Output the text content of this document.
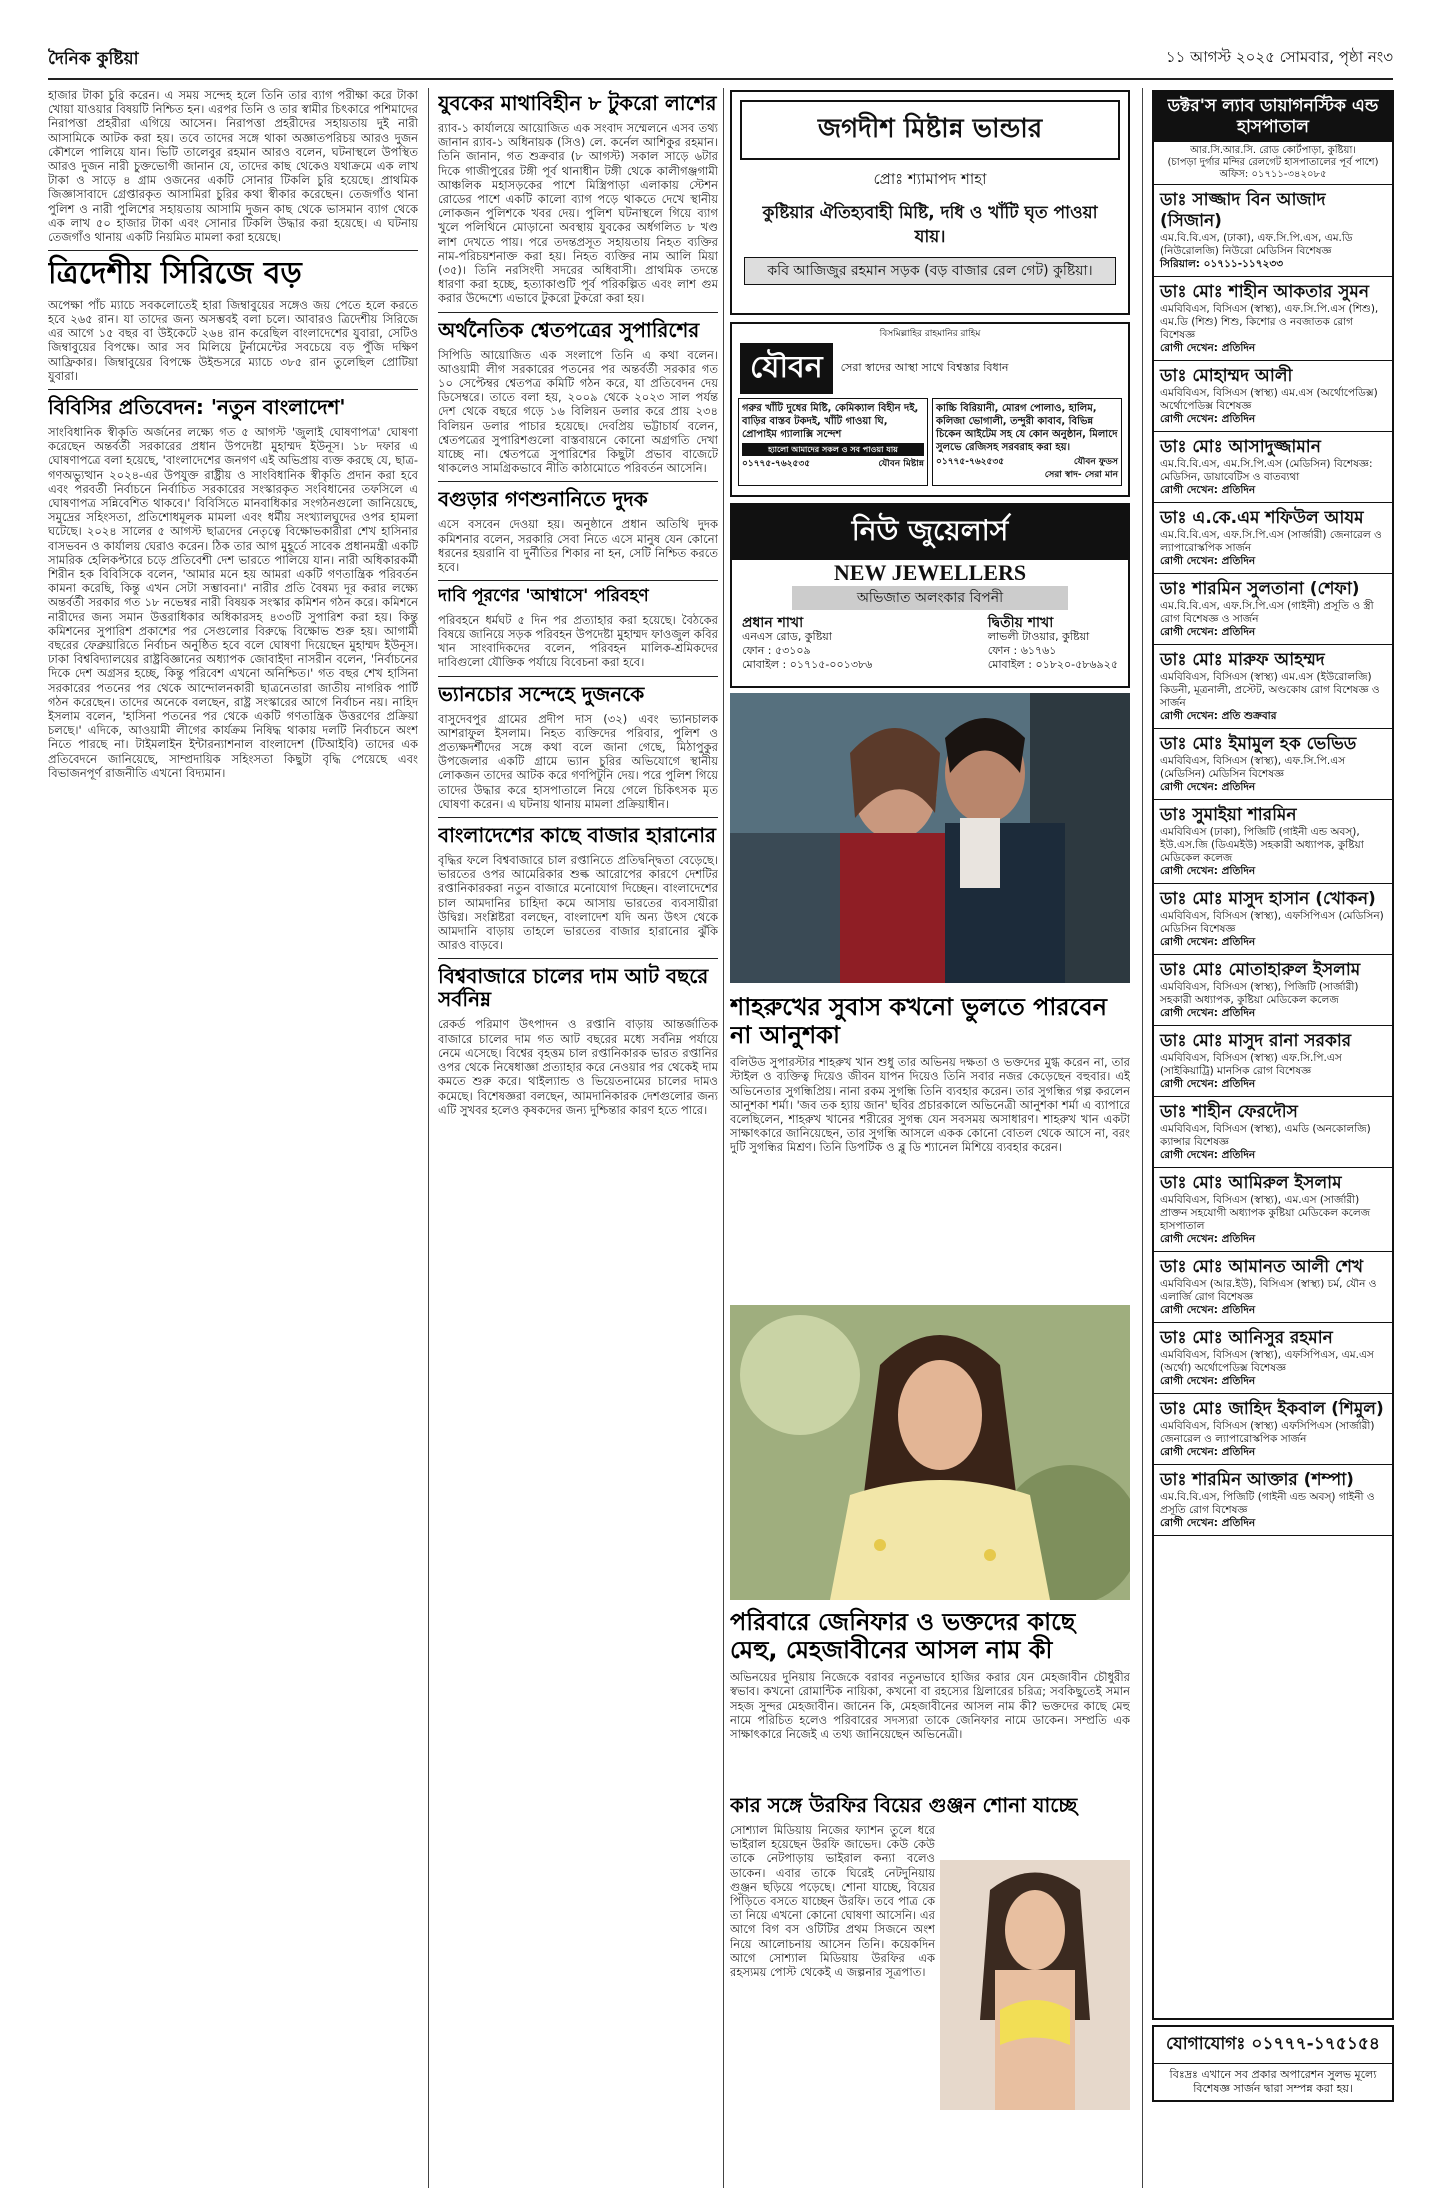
দৈনিক কুষ্টিয়া	১১ আগস্ট ২০২৫ সোমবার, পৃষ্ঠা নং৩

হাজার টাকা চুরি করেন। এ সময় সন্দেহ হলে তিনি তার ব্যাগ পরীক্ষা করে টাকা খোয়া যাওয়ার বিষয়টি নিশ্চিত হন। এরপর তিনি ও তার স্বামীর চিৎকারে পশিমাদের নিরাপত্তা প্রহরীরা এগিয়ে আসেন। নিরাপত্তা প্রহরীদের সহায়তায় দুই নারী আসামিকে আটক করা হয়। তবে তাদের সঙ্গে থাকা অজ্ঞাতপরিচয় আরও দুজন কৌশলে পালিয়ে যান। ভিটি তালেবুর রহমান আরও বলেন, ঘটনাস্থলে উপস্থিত আরও দুজন নারী চুক্তভোগী জানান যে, তাদের কাছ থেকেও যথাক্রমে এক লাখ টাকা ও সাড়ে ৪ গ্রাম ওজনের একটি সোনার টিকলি চুরি হয়েছে। প্রাথমিক জিজ্ঞাসাবাদে গ্রেপ্তারকৃত আসামিরা চুরির কথা স্বীকার করেছেন। তেজগাঁও থানা পুলিশ ও নারী পুলিশের সহায়তায় আসামি দুজন কাছ থেকে ভাসমান ব্যাগ থেকে এক লাখ ৫০ হাজার টাকা এবং সোনার টিকলি উদ্ধার করা হয়েছে। এ ঘটনায় তেজগাঁও থানায় একটি নিয়মিত মামলা করা হয়েছে।

ত্রিদেশীয় সিরিজে বড়

অপেক্ষা পাঁচ ম্যাচে সবকলোতেই হারা জিম্বাবুয়ের সঙ্গেও জয় পেতে হলে করতে হবে ২৬৫ রান। যা তাদের জন্য অসম্ভবই বলা চলে। আবারও ত্রিদেশীয় সিরিজে এর আগে ১৫ বছর বা উইকেটে ২৬৪ রান করেছিল বাংলাদেশের যুবারা, সেটিও জিম্বাবুয়ের বিপক্ষে। আর সব মিলিয়ে টুর্নামেন্টের সবচেয়ে বড় পুঁজি দক্ষিণ আফ্রিকার। জিম্বাবুয়ের বিপক্ষে উইন্ডসরে ম্যাচে ৩৮৫ রান তুলেছিল প্রোটিয়া যুবারা।

বিবিসির প্রতিবেদন: 'নতুন বাংলাদেশ'

সাংবিধানিক স্বীকৃতি অর্জনের লক্ষ্যে গত ৫ আগস্ট 'জুলাই ঘোষণাপত্র' ঘোষণা করেছেন অন্তর্বর্তী সরকারের প্রধান উপদেষ্টা মুহাম্মদ ইউনূস। ১৮ দফার এ ঘোষণাপত্রে বলা হয়েছে, 'বাংলাদেশের জনগণ এই অভিপ্রায় ব্যক্ত করছে যে, ছাত্র-গণঅভ্যুত্থান ২০২৪-এর উপযুক্ত রাষ্ট্রীয় ও সাংবিধানিক স্বীকৃতি প্রদান করা হবে এবং পরবর্তী নির্বাচনে নির্বাচিত সরকারের সংস্কারকৃত সংবিধানের তফসিলে এ ঘোষণাপত্র সন্নিবেশিত থাকবে।' বিবিসিতে মানবাধিকার সংগঠনগুলো জানিয়েছে, সমুদ্রের সহিংসতা, প্রতিশোধমূলক মামলা এবং ধর্মীয় সংখ্যালঘুদের ওপর হামলা ঘটেছে। ২০২৪ সালের ৫ আগস্ট ছাত্রদের নেতৃত্বে বিক্ষোভকারীরা শেখ হাসিনার বাসভবন ও কার্যালয় ঘেরাও করেন। ঠিক তার আগ মুহূর্তে সাবেক প্রধানমন্ত্রী একটি সামরিক হেলিকপ্টারে চড়ে প্রতিবেশী দেশ ভারতে পালিয়ে যান। নারী অধিকারকর্মী শিরীন হক বিবিসিকে বলেন, 'আমার মনে হয় আমরা একটি গণতান্ত্রিক পরিবর্তন কামনা করেছি, কিন্তু এখন সেটা সম্ভাবনা।' নারীর প্রতি বৈষম্য দূর করার লক্ষ্যে অন্তর্বর্তী সরকার গত ১৮ নভেম্বর নারী বিষয়ক সংস্কার কমিশন গঠন করে। কমিশনে নারীদের জন্য সমান উত্তরাধিকার অধিকারসহ ৪৩৩টি সুপারিশ করা হয়। কিন্তু কমিশনের সুপারিশ প্রকাশের পর সেগুলোর বিরুদ্ধে বিক্ষোভ শুরু হয়। আগামী বছরের ফেব্রুয়ারিতে নির্বাচন অনুষ্ঠিত হবে বলে ঘোষণা দিয়েছেন মুহাম্মদ ইউনূস। ঢাকা বিশ্ববিদ্যালয়ের রাষ্ট্রবিজ্ঞানের অধ্যাপক জোবাইদা নাসরীন বলেন, 'নির্বাচনের দিকে দেশ অগ্রসর হচ্ছে, কিন্তু পরিবেশ এখনো অনিশ্চিত।' গত বছর শেখ হাসিনা সরকারের পতনের পর থেকে আন্দোলনকারী ছাত্রনেতারা জাতীয় নাগরিক পার্টি গঠন করেছেন। তাদের অনেকে বলছেন, রাষ্ট্র সংস্কারের আগে নির্বাচন নয়। নাহিদ ইসলাম বলেন, 'হাসিনা পতনের পর থেকে একটি গণতান্ত্রিক উত্তরণের প্রক্রিয়া চলছে।' এদিকে, আওয়ামী লীগের কার্যক্রম নিষিদ্ধ থাকায় দলটি নির্বাচনে অংশ নিতে পারছে না। টাইমলাইন ইন্টারন্যাশনাল বাংলাদেশ (টিআইবি) তাদের এক প্রতিবেদনে জানিয়েছে, সাম্প্রদায়িক সহিংসতা কিছুটা বৃদ্ধি পেয়েছে এবং বিভাজনপূর্ণ রাজনীতি এখনো বিদ্যমান।

যুবকের মাথাবিহীন ৮ টুকরো লাশের

র‍্যাব-১ কার্যালয়ে আয়োজিত এক সংবাদ সম্মেলনে এসব তথ্য জানান র‍্যাব-১ অধিনায়ক (সিও) লে. কর্নেল আশিকুর রহমান। তিনি জানান, গত শুক্রবার (৮ আগস্ট) সকাল সাড়ে ৬টার দিকে গাজীপুরের টঙ্গী পূর্ব থানাধীন টঙ্গী থেকে কালীগঞ্জগামী আঞ্চলিক মহাসড়কের পাশে মিস্ত্রিপাড়া এলাকায় স্টেশন রোডের পাশে একটি কালো ব্যাগ পড়ে থাকতে দেখে স্থানীয় লোকজন পুলিশকে খবর দেয়। পুলিশ ঘটনাস্থলে গিয়ে ব্যাগ খুলে পলিথিনে মোড়ানো অবস্থায় যুবকের অর্ধগলিত ৮ খণ্ড লাশ দেখতে পায়। পরে তদন্তপ্রসূত সহায়তায় নিহত ব্যক্তির নাম-পরিচয়শনাক্ত করা হয়। নিহত ব্যক্তির নাম আলি মিয়া (৩৫)। তিনি নরসিংদী সদরের অধিবাসী। প্রাথমিক তদন্তে ধারণা করা হচ্ছে, হত্যাকাণ্ডটি পূর্ব পরিকল্পিত এবং লাশ গুম করার উদ্দেশ্যে এভাবে টুকরো টুকরো করা হয়।

অর্থনৈতিক শ্বেতপত্রের সুপারিশের

সিপিডি আয়োজিত এক সংলাপে তিনি এ কথা বলেন। আওয়ামী লীগ সরকারের পতনের পর অন্তর্বর্তী সরকার গত ১০ সেপ্টেম্বর শ্বেতপত্র কমিটি গঠন করে, যা প্রতিবেদন দেয় ডিসেম্বরে। তাতে বলা হয়, ২০০৯ থেকে ২০২৩ সাল পর্যন্ত দেশ থেকে বছরে গড়ে ১৬ বিলিয়ন ডলার করে প্রায় ২৩৪ বিলিয়ন ডলার পাচার হয়েছে। দেবপ্রিয় ভট্টাচার্য বলেন, শ্বেতপত্রের সুপারিশগুলো বাস্তবায়নে কোনো অগ্রগতি দেখা যাচ্ছে না। শ্বেতপত্রে সুপারিশের কিছুটা প্রভাব বাজেটে থাকলেও সামগ্রিকভাবে নীতি কাঠামোতে পরিবর্তন আসেনি।

বগুড়ার গণশুনানিতে দুদক

এসে বসবেন দেওয়া হয়। অনুষ্ঠানে প্রধান অতিথি দুদক কমিশনার বলেন, সরকারি সেবা নিতে এসে মানুষ যেন কোনো ধরনের হয়রানি বা দুর্নীতির শিকার না হন, সেটি নিশ্চিত করতে হবে।

দাবি পূরণের 'আশ্বাসে' পরিবহণ

পরিবহনে ধর্মঘট ৫ দিন পর প্রত্যাহার করা হয়েছে। বৈঠকের বিষয়ে জানিয়ে সড়ক পরিবহন উপদেষ্টা মুহাম্মদ ফাওজুল কবির খান সাংবাদিকদের বলেন, পরিবহন মালিক-শ্রমিকদের দাবিগুলো যৌক্তিক পর্যায়ে বিবেচনা করা হবে।

ভ্যানচোর সন্দেহে দুজনকে

বাসুদেবপুর গ্রামের প্রদীপ দাস (৩২) এবং ভ্যানচালক আশরাফুল ইসলাম। নিহত ব্যক্তিদের পরিবার, পুলিশ ও প্রত্যক্ষদর্শীদের সঙ্গে কথা বলে জানা গেছে, মিঠাপুকুর উপজেলার একটি গ্রামে ভ্যান চুরির অভিযোগে স্থানীয় লোকজন তাদের আটক করে গণপিটুনি দেয়। পরে পুলিশ গিয়ে তাদের উদ্ধার করে হাসপাতালে নিয়ে গেলে চিকিৎসক মৃত ঘোষণা করেন। এ ঘটনায় থানায় মামলা প্রক্রিয়াধীন।

বাংলাদেশের কাছে বাজার হারানোর

বৃদ্ধির ফলে বিশ্ববাজারে চাল রপ্তানিতে প্রতিদ্বন্দ্বিতা বেড়েছে। ভারতের ওপর আমেরিকার শুল্ক আরোপের কারণে দেশটির রপ্তানিকারকরা নতুন বাজারে মনোযোগ দিচ্ছেন। বাংলাদেশের চাল আমদানির চাহিদা কমে আসায় ভারতের ব্যবসায়ীরা উদ্বিগ্ন। সংশ্লিষ্টরা বলছেন, বাংলাদেশ যদি অন্য উৎস থেকে আমদানি বাড়ায় তাহলে ভারতের বাজার হারানোর ঝুঁকি আরও বাড়বে।

বিশ্ববাজারে চালের দাম আট বছরে সর্বনিম্ন

রেকর্ড পরিমাণ উৎপাদন ও রপ্তানি বাড়ায় আন্তর্জাতিক বাজারে চালের দাম গত আট বছরের মধ্যে সর্বনিম্ন পর্যায়ে নেমে এসেছে। বিশ্বের বৃহত্তম চাল রপ্তানিকারক ভারত রপ্তানির ওপর থেকে নিষেধাজ্ঞা প্রত্যাহার করে নেওয়ার পর থেকেই দাম কমতে শুরু করে। থাইল্যান্ড ও ভিয়েতনামের চালের দামও কমেছে। বিশেষজ্ঞরা বলছেন, আমদানিকারক দেশগুলোর জন্য এটি সুখবর হলেও কৃষকদের জন্য দুশ্চিন্তার কারণ হতে পারে।

জগদীশ মিষ্টান্ন ভান্ডার
প্রোঃ শ্যামাপদ শাহা
কুষ্টিয়ার ঐতিহ্যবাহী মিষ্টি, দধি ও খাঁটি ঘৃত পাওয়া যায়।
কবি আজিজুর রহমান সড়ক (বড় বাজার রেল গেট) কুষ্টিয়া।
বিসমিল্লাহির রাহমানির রাহিম
যৌবন	সেরা স্বাদের আস্থা সাথে বিশ্বস্তার বিধান
গরুর খাঁটি দুধের মিষ্টি, কেমিক্যাল বিহীন দই, বাড়ির বাস্তব টকদই, খাঁটি গাওয়া ঘি, প্রোপাইম গ্যালাক্সি সন্দেশ
হ্যালো আমাদের সকল ও সব পাওয়া যায়
০১৭৭৫-৭৬২৫৩৫	যৌবন মিষ্টান্ন
কাচ্চি বিরিয়ানী, মোরগ পোলাও, হালিম, কলিজা ভোগালী, তন্দুরী কাবাব, বিভিন্ন চিকেন আইটেম সহ যে কোন অনুষ্ঠান, মিলাদে সুলভে রেজিসহ সরবরাহ করা হয়।
০১৭৭৫-৭৬২৫৩৫	যৌবন ফুডস
সেরা স্বাদ- সেরা মান
নিউ জুয়েলার্স
NEW JEWELLERS
অভিজাত অলংকার বিপনী
প্রধান শাখা
এনএস রোড, কুষ্টিয়া
ফোন : ৫৩১০৯
মোবাইল : ০১৭১৫-০০১৩৮৬
দ্বিতীয় শাখা
লাভলী টাওয়ার, কুষ্টিয়া
ফোন : ৬১৭৬১
মোবাইল : ০১৮২০-৫৮৬৯২৫
শাহরুখের সুবাস কখনো ভুলতে পারবেন না আনুশকা

বলিউড সুপারস্টার শাহরুখ খান শুধু তার অভিনয় দক্ষতা ও ভক্তদের মুগ্ধ করেন না, তার স্টাইল ও ব্যক্তিত্ব দিয়েও জীবন যাপন দিয়েও তিনি সবার নজর কেড়েছেন বহুবার। এই অভিনেতার সুগন্ধিপ্রিয়। নানা রকম সুগন্ধি তিনি ব্যবহার করেন। তার সুগন্ধির গল্প করলেন আনুশকা শর্মা। 'জব তক হ্যায় জান' ছবির প্রচারকালে অভিনেত্রী আনুশকা শর্মা এ ব্যাপারে বলেছিলেন, শাহরুখ খানের শরীরের সুগন্ধ যেন সবসময় অসাধারণ। শাহরুখ খান একটা সাক্ষাৎকারে জানিয়েছেন, তার সুগন্ধি আসলে একক কোনো বোতল থেকে আসে না, বরং দুটি সুগন্ধির মিশ্রণ। তিনি ডিপটিক ও ব্লু ডি শ্যানেল মিশিয়ে ব্যবহার করেন।

পরিবারে জেনিফার ও ভক্তদের কাছে মেহু, মেহজাবীনের আসল নাম কী

অভিনয়ের দুনিয়ায় নিজেকে বরাবর নতুনভাবে হাজির করার যেন মেহজাবীন চৌধুরীর স্বভাব। কখনো রোমান্টিক নায়িকা, কখনো বা রহস্যের থ্রিলারের চরিত্র; সবকিছুতেই সমান সহজ সুন্দর মেহজাবীন। জানেন কি, মেহজাবীনের আসল নাম কী? ভক্তদের কাছে মেহু নামে পরিচিত হলেও পরিবারের সদস্যরা তাকে জেনিফার নামে ডাকেন। সম্প্রতি এক সাক্ষাৎকারে নিজেই এ তথ্য জানিয়েছেন অভিনেত্রী।

কার সঙ্গে উরফির বিয়ের গুঞ্জন শোনা যাচ্ছে

সোশ্যাল মিডিয়ায় নিজের ফ্যাশন তুলে ধরে ভাইরাল হয়েছেন উরফি জাভেদ। কেউ কেউ তাকে নেটপাড়ায় ভাইরাল কন্যা বলেও ডাকেন। এবার তাকে ঘিরেই নেটদুনিয়ায় গুঞ্জন ছড়িয়ে পড়েছে। শোনা যাচ্ছে, বিয়ের পিঁড়িতে বসতে যাচ্ছেন উরফি। তবে পাত্র কে তা নিয়ে এখনো কোনো ঘোষণা আসেনি। এর আগে বিগ বস ওটিটির প্রথম সিজনে অংশ নিয়ে আলোচনায় আসেন তিনি। কয়েকদিন আগে সোশ্যাল মিডিয়ায় উরফির এক রহস্যময় পোস্ট থেকেই এ জল্পনার সূত্রপাত।

ডক্টর'স ল্যাব ডায়াগনস্টিক এন্ড হাসপাতাল
আর.সি.আর.সি. রোড কোর্টপাড়া, কুষ্টিয়া।
(চাপড়া দুর্গার মন্দির রেলগেট হাসপাতালের পূর্ব পাশে)
অফিস: ০১৭১১-৩৪২০৮৫
ডাঃ সাজ্জাদ বিন আজাদ (সিজান)
এম.বি.বি.এস, (ঢাকা), এফ.সি.পি.এস, এম.ডি (নিউরোলজি) নিউরো মেডিসিন বিশেষজ্ঞ
সিরিয়াল: ০১৭১১-১১৭২৩৩
ডাঃ মোঃ শাহীন আকতার সুমন
এমবিবিএস, বিসিএস (স্বাস্থ্য), এফ.সি.পি.এস (শিশু), এম.ডি (শিশু) শিশু, কিশোর ও নবজাতক রোগ বিশেষজ্ঞ
রোগী দেখেন: প্রতিদিন
ডাঃ মোহাম্মদ আলী
এমবিবিএস, বিসিএস (স্বাস্থ্য) এম.এস (অর্থোপেডিক্স) অর্থোপেডিক্স বিশেষজ্ঞ
রোগী দেখেন: প্রতিদিন
ডাঃ মোঃ আসাদুজ্জামান
এম.বি.বি.এস, এম.সি.পি.এস (মেডিসিন) বিশেষজ্ঞ: মেডিসিন, ডায়াবেটিস ও বাতব্যথা
রোগী দেখেন: প্রতিদিন
ডাঃ এ.কে.এম শফিউল আযম
এম.বি.বি.এস, এফ.সি.পি.এস (সার্জারী) জেনারেল ও ল্যাপারোস্কপিক সার্জন
রোগী দেখেন: প্রতিদিন
ডাঃ শারমিন সুলতানা (শেফা)
এম.বি.বি.এস, এফ.সি.পি.এস (গাইনী) প্রসূতি ও স্ত্রী রোগ বিশেষজ্ঞ ও সার্জন
রোগী দেখেন: প্রতিদিন
ডাঃ মোঃ মারুফ আহম্মদ
এমবিবিএস, বিসিএস (স্বাস্থ্য) এম.এস (ইউরোলজি) কিডনী, মূত্রনালী, প্রস্টেট, অণ্ডকোষ রোগ বিশেষজ্ঞ ও সার্জন
রোগী দেখেন: প্রতি শুক্রবার
ডাঃ মোঃ ইমামুল হক ভেভিড
এমবিবিএস, বিসিএস (স্বাস্থ্য), এফ.সি.পি.এস (মেডিসিন) মেডিসিন বিশেষজ্ঞ
রোগী দেখেন: প্রতিদিন
ডাঃ সুমাইয়া শারমিন
এমবিবিএস (ঢাকা), পিজিটি (গাইনী এন্ড অবস্), ইউ.এস.জি (ডিএমইউ) সহকারী অধ্যাপক, কুষ্টিয়া মেডিকেল কলেজ
রোগী দেখেন: প্রতিদিন
ডাঃ মোঃ মাসুদ হাসান (খোকন)
এমবিবিএস, বিসিএস (স্বাস্থ্য), এফসিপিএস (মেডিসিন) মেডিসিন বিশেষজ্ঞ
রোগী দেখেন: প্রতিদিন
ডাঃ মোঃ মোতাহারুল ইসলাম
এমবিবিএস, বিসিএস (স্বাস্থ্য), পিজিটি (সার্জারী) সহকারী অধ্যাপক, কুষ্টিয়া মেডিকেল কলেজ
রোগী দেখেন: প্রতিদিন
ডাঃ মোঃ মাসুদ রানা সরকার
এমবিবিএস, বিসিএস (স্বাস্থ্য) এফ.সি.পি.এস (সাইকিয়াট্রি) মানসিক রোগ বিশেষজ্ঞ
রোগী দেখেন: প্রতিদিন
ডাঃ শাহীন ফেরদৌস
এমবিবিএস, বিসিএস (স্বাস্থ্য), এমডি (অনকোলজি) ক্যান্সার বিশেষজ্ঞ
রোগী দেখেন: প্রতিদিন
ডাঃ মোঃ আমিরুল ইসলাম
এমবিবিএস, বিসিএস (স্বাস্থ্য), এম.এস (সার্জারী) প্রাক্তন সহযোগী অধ্যাপক কুষ্টিয়া মেডিকেল কলেজ হাসপাতাল
রোগী দেখেন: প্রতিদিন
ডাঃ মোঃ আমানত আলী শেখ
এমবিবিএস (আর.ইউ), বিসিএস (স্বাস্থ্য) চর্ম, যৌন ও এলার্জি রোগ বিশেষজ্ঞ
রোগী দেখেন: প্রতিদিন
ডাঃ মোঃ আনিসুর রহমান
এমবিবিএস, বিসিএস (স্বাস্থ্য), এফসিপিএস, এম.এস (অর্থো) অর্থোপেডিক্স বিশেষজ্ঞ
রোগী দেখেন: প্রতিদিন
ডাঃ মোঃ জাহিদ ইকবাল (শিমুল)
এমবিবিএস, বিসিএস (স্বাস্থ্য) এফসিপিএস (সার্জারী) জেনারেল ও ল্যাপারোস্কপিক সার্জন
রোগী দেখেন: প্রতিদিন
ডাঃ শারমিন আক্তার (শম্পা)
এম.বি.বি.এস, পিজিটি (গাইনী এন্ড অবস্) গাইনী ও প্রসূতি রোগ বিশেষজ্ঞ
রোগী দেখেন: প্রতিদিন
যোগাযোগঃ ০১৭৭৭-১৭৫১৫৪
বিঃদ্রঃ এখানে সব প্রকার অপারেশন সুলভ মূল্যে বিশেষজ্ঞ সার্জন দ্বারা সম্পন্ন করা হয়।
